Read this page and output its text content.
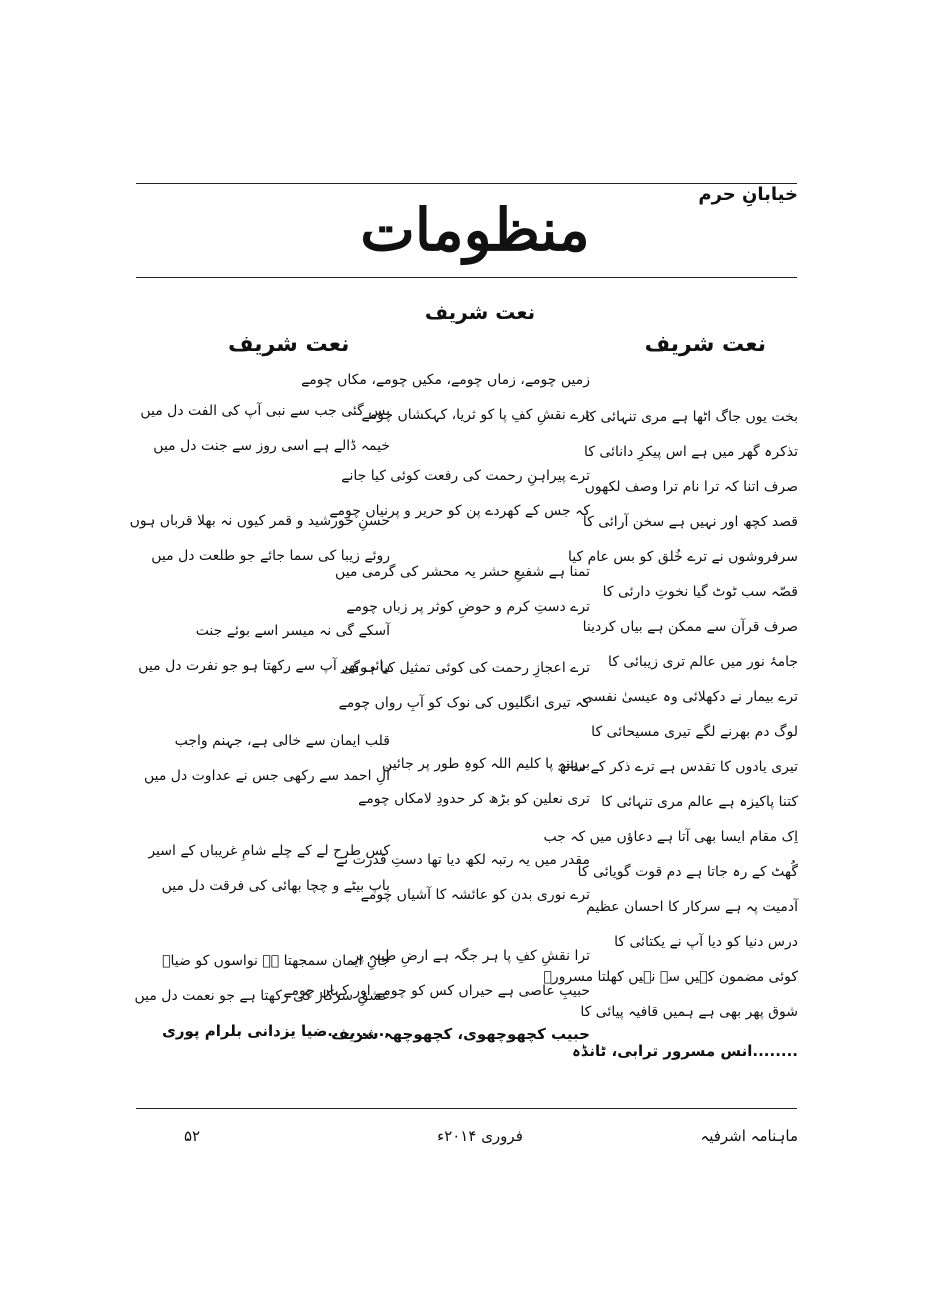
خیابانِ حرم
منظومات
نعت شریف
نعت شریف
نعت شریف
بخت یوں جاگ اٹھا ہے مری تنہائی کا
تذکرہ گھر میں ہے اس پیکرِ دانائی کا
صرف اتنا کہ ترا نام ترا وصف لکھوں
قصد کچھ اور نہیں ہے سخن آرائی کا
سرفروشوں نے ترے خُلق کو بس عام کیا
قصّہ سب ٹوٹ گیا نخوتِ دارئی کا
صرف قرآن سے ممکن ہے بیاں کردینا
جامۂ نور میں عالم تری زیبائی کا
ترے بیمار نے دکھلائی وہ عیسیٰ نفسی
لوگ دم بھرنے لگے تیری مسیحائی کا
تیری یادوں کا تقدس ہے ترے ذکر کے ساتھ
کتنا پاکیزہ ہے عالم مری تنہائی کا
اِک مقام ایسا بھی آتا ہے دعاؤں میں کہ جب
گُھٹ کے رہ جاتا ہے دم قوت گویائی کا
آدمیت پہ ہے سرکار کا احسان عظیم
درس دنیا کو دیا آپ نے یکتائی کا
کوئی مضمون کہیں سے نہیں کھلتا مسرورؔ
شوق پھر بھی ہے ہمیں قافیہ پیائی کا
........انس مسرور ترابی، ٹانڈہ
زمیں چومے، زماں چومے، مکیں چومے، مکاں چومے
ترے نقشِ کفِ پا کو ثریا، کہکشاں چومے
ترے پیراہنِ رحمت کی رفعت کوئی کیا جانے
کہ جس کے کھردے پن کو حریر و پرنیاں چومے
تمنا ہے شفیعِ حشر یہ محشر کی گرمی میں
ترے دستِ کرم و حوضِ کوثر پر زباں چومے
ترے اعجازِ رحمت کی کوئی تمثیل کیا ہوگی
کہ تیری انگلیوں کی نوک کو آبِ رواں چومے
برہنہ پا کلیم اللہ کوہِ طور پر جائیں
تری نعلین کو بڑھ کر حدودِ لامکاں چومے
مقدر میں یہ رتبہ لکھ دیا تھا دستِ قدرت نے
ترے نوری بدن کو عائشہ کا آشیاں چومے
ترا نقشِ کفِ پا ہر جگہ ہے ارضِ طیبہ پر
حبیبِ عاصی ہے حیراں کس کو چومے اور کہاں چومے
حبیب کچھوچھوی، کچھوچھہ شریف
بس گئی جب سے نبی آپ کی الفت دل میں
خیمہ ڈالے ہے اسی روز سے جنت دل میں
حسنِ خورشید و قمر کیوں نہ بھلا قرباں ہوں
روئے زیبا کی سما جائے جو طلعت دل میں
آسکے گی نہ میسر اسے بوئے جنت
رائی بھر آپ سے رکھتا ہو جو نفرت دل میں
قلب ایمان سے خالی ہے، جہنم واجب
آلِ احمد سے رکھی جس نے عداوت دل میں
کس طرح لے کے چلے شامِ غریباں کے اسیر
باپ بیٹے و چچا بھائی کی فرقت دل میں
جانِ ایمان سمجھتا ہے نواسوں کو ضیاؔ
عشقِ سرکار کی رکھتا ہے جو نعمت دل میں
...........ضیا یزدانی بلرام پوری
ماہنامہ اشرفیہ
فروری ۲۰۱۴ء
۵۲
